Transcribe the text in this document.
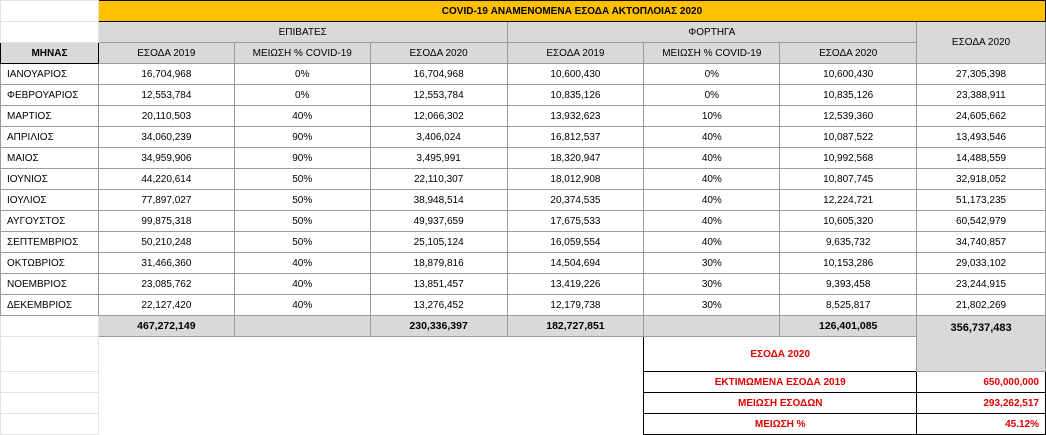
	COVID-19 ΑΝΑΜΕΝΟΜΕΝΑ ΕΣΟΔΑ ΑΚΤΟΠΛΟΙΑΣ 2020						
	ΕΠΙΒΑΤΕΣ			ΦΟΡΤΗΓΑ			ΕΣΟΔΑ 2020
ΜΗΝΑΣ	ΕΣΟΔΑ 2019	ΜΕΙΩΣΗ % COVID-19	ΕΣΟΔΑ 2020	ΕΣΟΔΑ 2019	ΜΕΙΩΣΗ % COVID-19	ΕΣΟΔΑ 2020	
ΙΑΝΟΥΑΡΙΟΣ	16,704,968	0%	16,704,968	10,600,430	0%	10,600,430	27,305,398
ΦΕΒΡΟΥΑΡΙΟΣ	12,553,784	0%	12,553,784	10,835,126	0%	10,835,126	23,388,911
ΜΑΡΤΙΟΣ	20,110,503	40%	12,066,302	13,932,623	10%	12,539,360	24,605,662
ΑΠΡΙΛΙΟΣ	34,060,239	90%	3,406,024	16,812,537	40%	10,087,522	13,493,546
ΜΑΙΟΣ	34,959,906	90%	3,495,991	18,320,947	40%	10,992,568	14,488,559
ΙΟΥΝΙΟΣ	44,220,614	50%	22,110,307	18,012,908	40%	10,807,745	32,918,052
ΙΟΥΛΙΟΣ	77,897,027	50%	38,948,514	20,374,535	40%	12,224,721	51,173,235
ΑΥΓΟΥΣΤΟΣ	99,875,318	50%	49,937,659	17,675,533	40%	10,605,320	60,542,979
ΣΕΠΤΕΜΒΡΙΟΣ	50,210,248	50%	25,105,124	16,059,554	40%	9,635,732	34,740,857
ΟΚΤΩΒΡΙΟΣ	31,466,360	40%	18,879,816	14,504,694	30%	10,153,286	29,033,102
ΝΟΕΜΒΡΙΟΣ	23,085,762	40%	13,851,457	13,419,226	30%	9,393,458	23,244,915
ΔΕΚΕΜΒΡΙΟΣ	22,127,420	40%	13,276,452	12,179,738	30%	8,525,817	21,802,269
	467,272,149		230,336,397	182,727,851		126,401,085	356,737,483
					ΕΣΟΔΑ 2020		
					ΕΚΤΙΜΩΜΕΝΑ ΕΣΟΔΑ 2019		650,000,000
					ΜΕΙΩΣΗ ΕΣΟΔΩΝ		293,262,517
					ΜΕΙΩΣΗ %		45.12%
